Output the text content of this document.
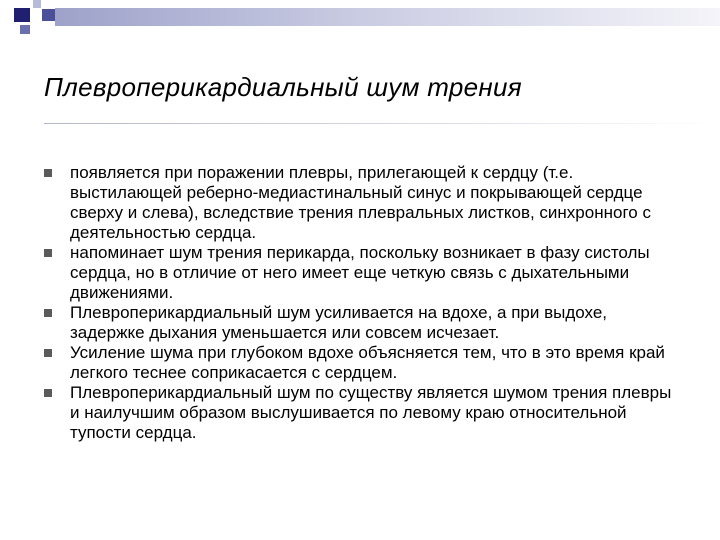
Плевроперикардиальный шум трения
появляется при поражении плевры, прилегающей к сердцу (т.е. выстилающей реберно-медиастинальный синус и покрывающей сердце сверху и слева), вследствие трения плевральных листков, синхронного с деятельностью сердца.
напоминает шум трения перикарда, поскольку возникает в фазу систолы сердца, но в отличие от него имеет еще четкую связь с дыхательными движениями.
Плевроперикардиальный шум усиливается на вдохе, а при выдохе, задержке дыхания уменьшается или совсем исчезает.
Усиление шума при глубоком вдохе объясняется тем, что в это время край легкого теснее соприкасается с сердцем.
Плевроперикардиальный шум по существу является шумом трения плевры и наилучшим образом выслушивается по левому краю относительной тупости сердца.
